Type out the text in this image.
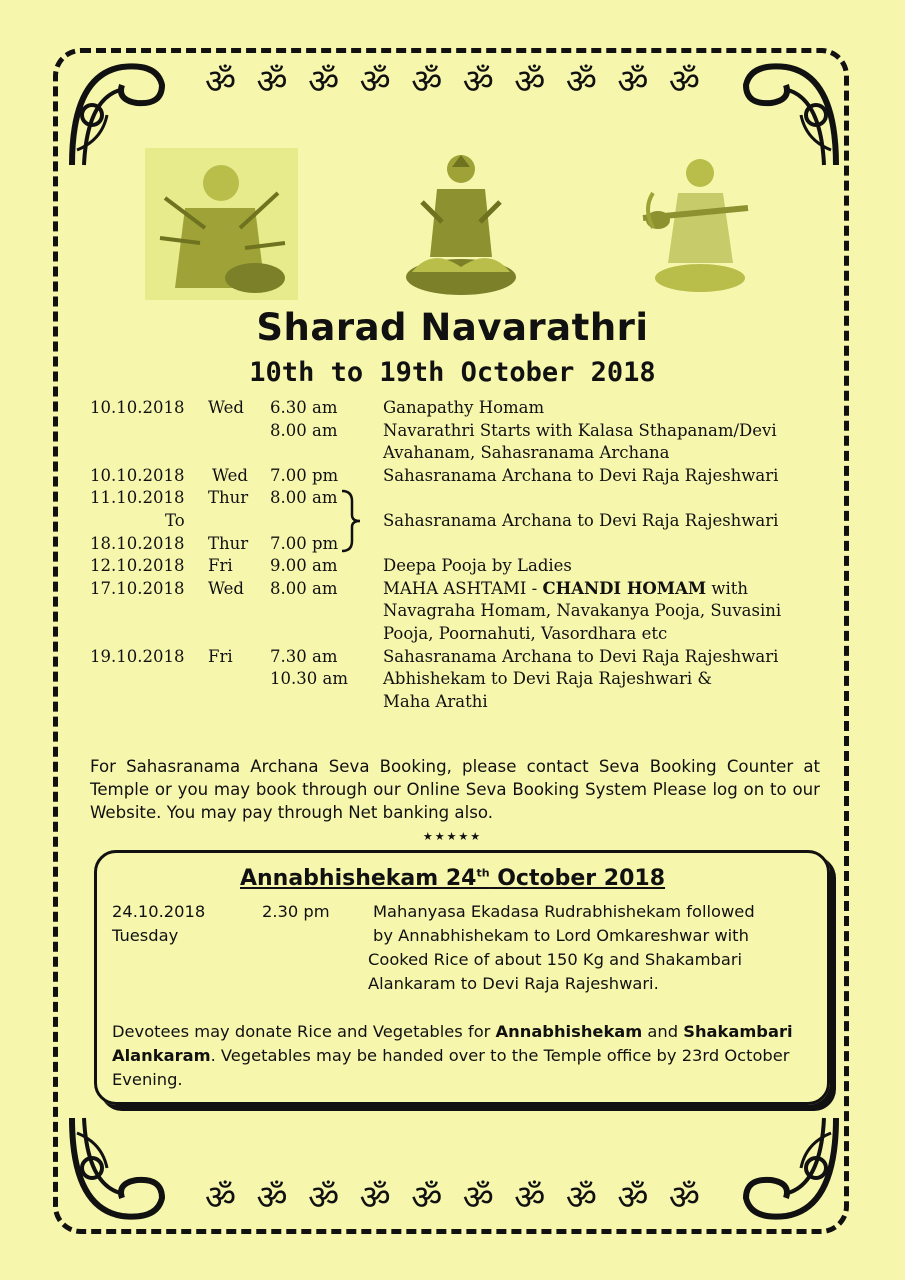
ॐ ॐ ॐ ॐ ॐ ॐ ॐ ॐ ॐ ॐ
ॐ ॐ ॐ ॐ ॐ ॐ ॐ ॐ ॐ ॐ
Sharad Navarathri
10th to 19th October 2018
10.10.2018 Wed 6.30 am	Ganapathy Homam
8.00 am	Navarathri Starts with Kalasa Sthapanam/Devi
Avahanam, Sahasranama Archana
10.10.2018 Wed 7.00 pm	Sahasranama Archana to Devi Raja Rajeshwari
11.10.2018 Thur 8.00 am
To	Sahasranama Archana to Devi Raja Rajeshwari
18.10.2018 Thur 7.00 pm
12.10.2018 Fri 9.00 am	Deepa Pooja by Ladies
17.10.2018 Wed 8.00 am	MAHA ASHTAMI - CHANDI HOMAM with
Navagraha Homam, Navakanya Pooja, Suvasini
Pooja, Poornahuti, Vasordhara etc
19.10.2018 Fri 7.30 am	Sahasranama Archana to Devi Raja Rajeshwari
10.30 am Abhishekam to Devi Raja Rajeshwari &
Maha Arathi
For Sahasranama Archana Seva Booking, please contact Seva Booking Counter at Temple or you may book through our Online Seva Booking System Please log on to our Website. You may pay through Net banking also.
★★★★★
Annabhishekam 24th October 2018
24.10.2018
Tuesday
2.30 pm	Mahanyasa Ekadasa Rudrabhishekam followed
by Annabhishekam to Lord Omkareshwar with
Cooked Rice of about 150 Kg and Shakambari
Alankaram to Devi Raja Rajeshwari.
Devotees may donate Rice and Vegetables for Annabhishekam and Shakambari Alankaram. Vegetables may be handed over to the Temple office by 23rd October Evening.
